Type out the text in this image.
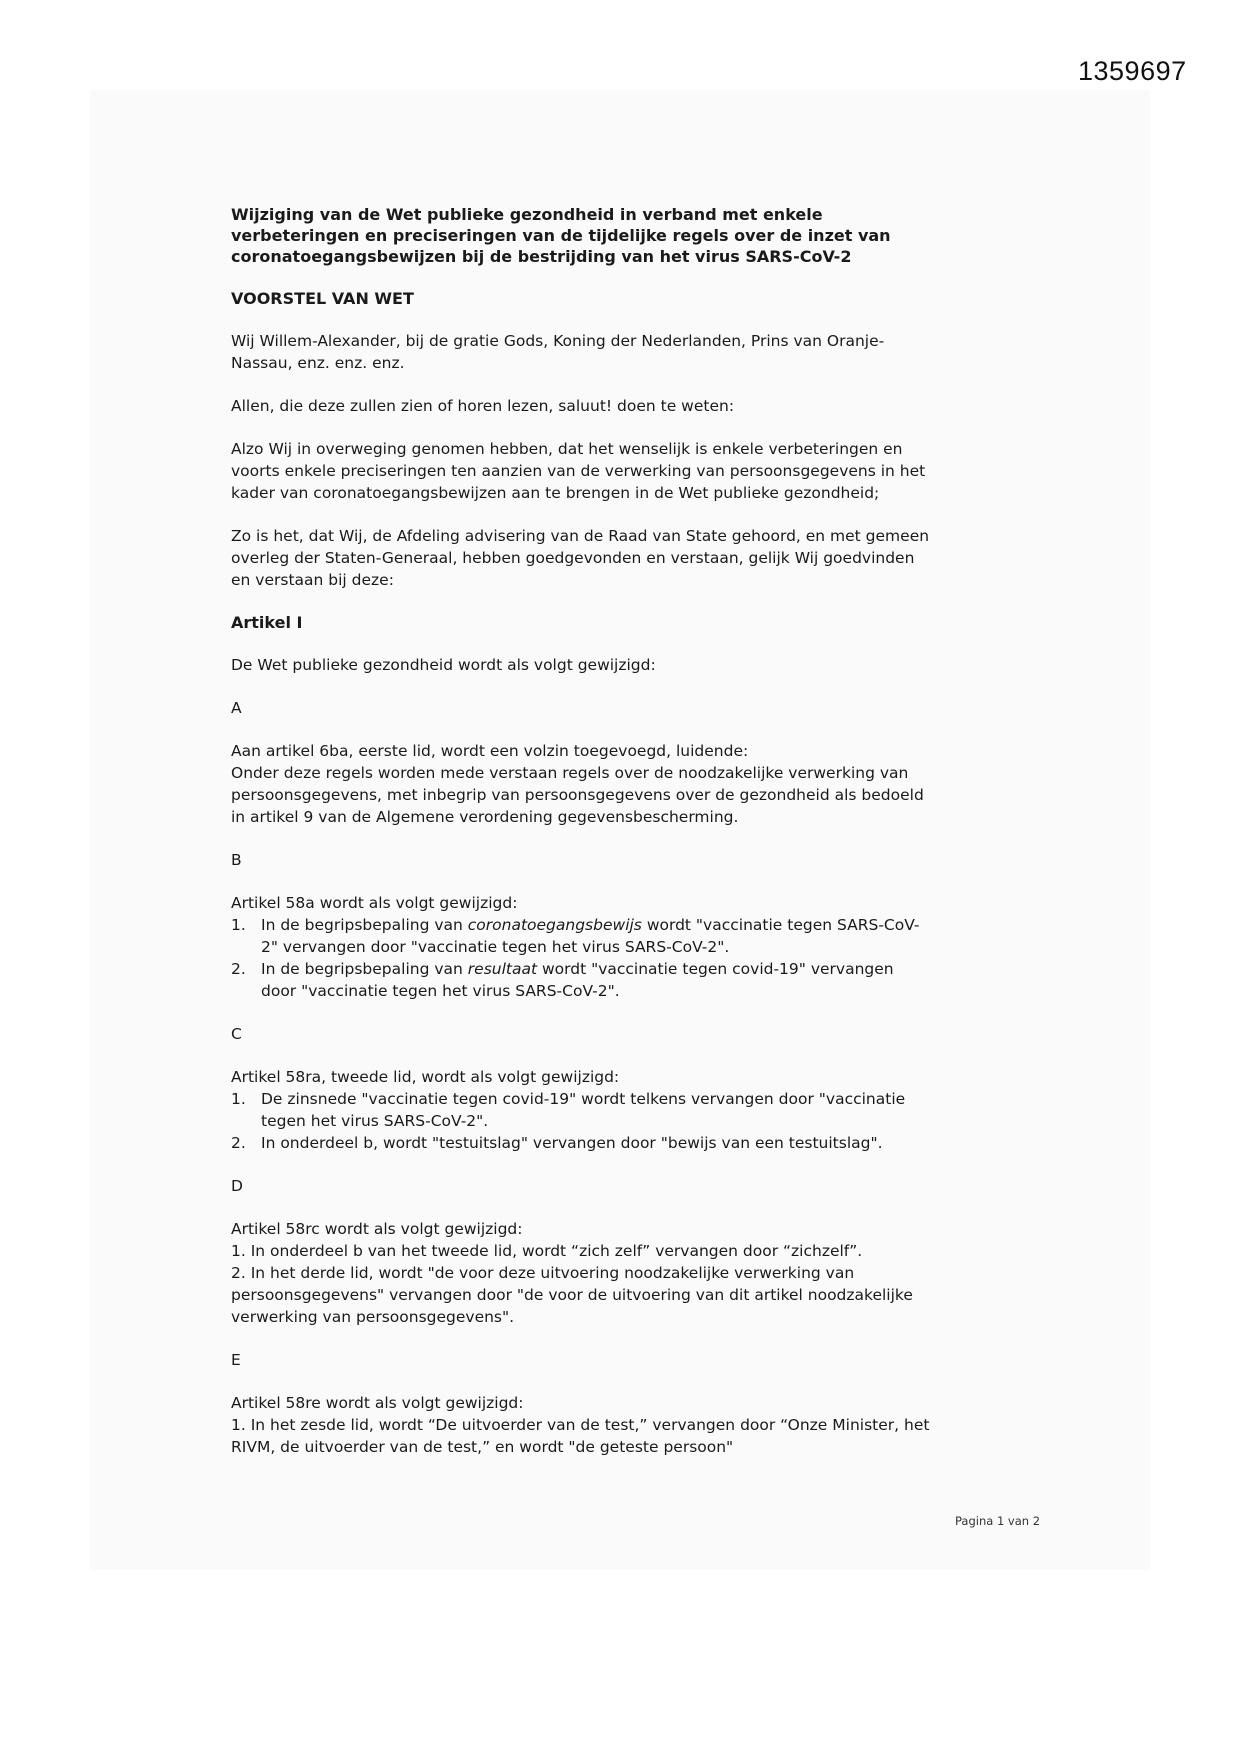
1359697
Wijziging van de Wet publieke gezondheid in verband met enkele verbeteringen en preciseringen van de tijdelijke regels over de inzet van coronatoegangsbewijzen bij de bestrijding van het virus SARS-CoV-2
VOORSTEL VAN WET

Wij Willem-Alexander, bij de gratie Gods, Koning der Nederlanden, Prins van Oranje-Nassau, enz. enz. enz.

Allen, die deze zullen zien of horen lezen, saluut! doen te weten:

Alzo Wij in overweging genomen hebben, dat het wenselijk is enkele verbeteringen en voorts enkele preciseringen ten aanzien van de verwerking van persoonsgegevens in het kader van coronatoegangsbewijzen aan te brengen in de Wet publieke gezondheid;

Zo is het, dat Wij, de Afdeling advisering van de Raad van State gehoord, en met gemeen overleg der Staten-Generaal, hebben goedgevonden en verstaan, gelijk Wij goedvinden en verstaan bij deze:

Artikel I

De Wet publieke gezondheid wordt als volgt gewijzigd:

A
Aan artikel 6ba, eerste lid, wordt een volzin toegevoegd, luidende:
Onder deze regels worden mede verstaan regels over de noodzakelijke verwerking van persoonsgegevens, met inbegrip van persoonsgegevens over de gezondheid als bedoeld in artikel 9 van de Algemene verordening gegevensbescherming.
B
Artikel 58a wordt als volgt gewijzigd:
1. In de begripsbepaling van coronatoegangsbewijs wordt "vaccinatie tegen SARS-CoV-2" vervangen door "vaccinatie tegen het virus SARS-CoV-2".
2. In de begripsbepaling van resultaat wordt "vaccinatie tegen covid-19" vervangen door "vaccinatie tegen het virus SARS-CoV-2".
C
Artikel 58ra, tweede lid, wordt als volgt gewijzigd:
1. De zinsnede "vaccinatie tegen covid-19" wordt telkens vervangen door "vaccinatie tegen het virus SARS-CoV-2".
2. In onderdeel b, wordt "testuitslag" vervangen door "bewijs van een testuitslag".
D
Artikel 58rc wordt als volgt gewijzigd:
1. In onderdeel b van het tweede lid, wordt “zich zelf” vervangen door “zichzelf”.
2. In het derde lid, wordt "de voor deze uitvoering noodzakelijke verwerking van persoonsgegevens" vervangen door "de voor de uitvoering van dit artikel noodzakelijke verwerking van persoonsgegevens".
E
Artikel 58re wordt als volgt gewijzigd:
1. In het zesde lid, wordt “De uitvoerder van de test,” vervangen door “Onze Minister, het RIVM, de uitvoerder van de test,” en wordt "de geteste persoon"
Pagina 1 van 2
